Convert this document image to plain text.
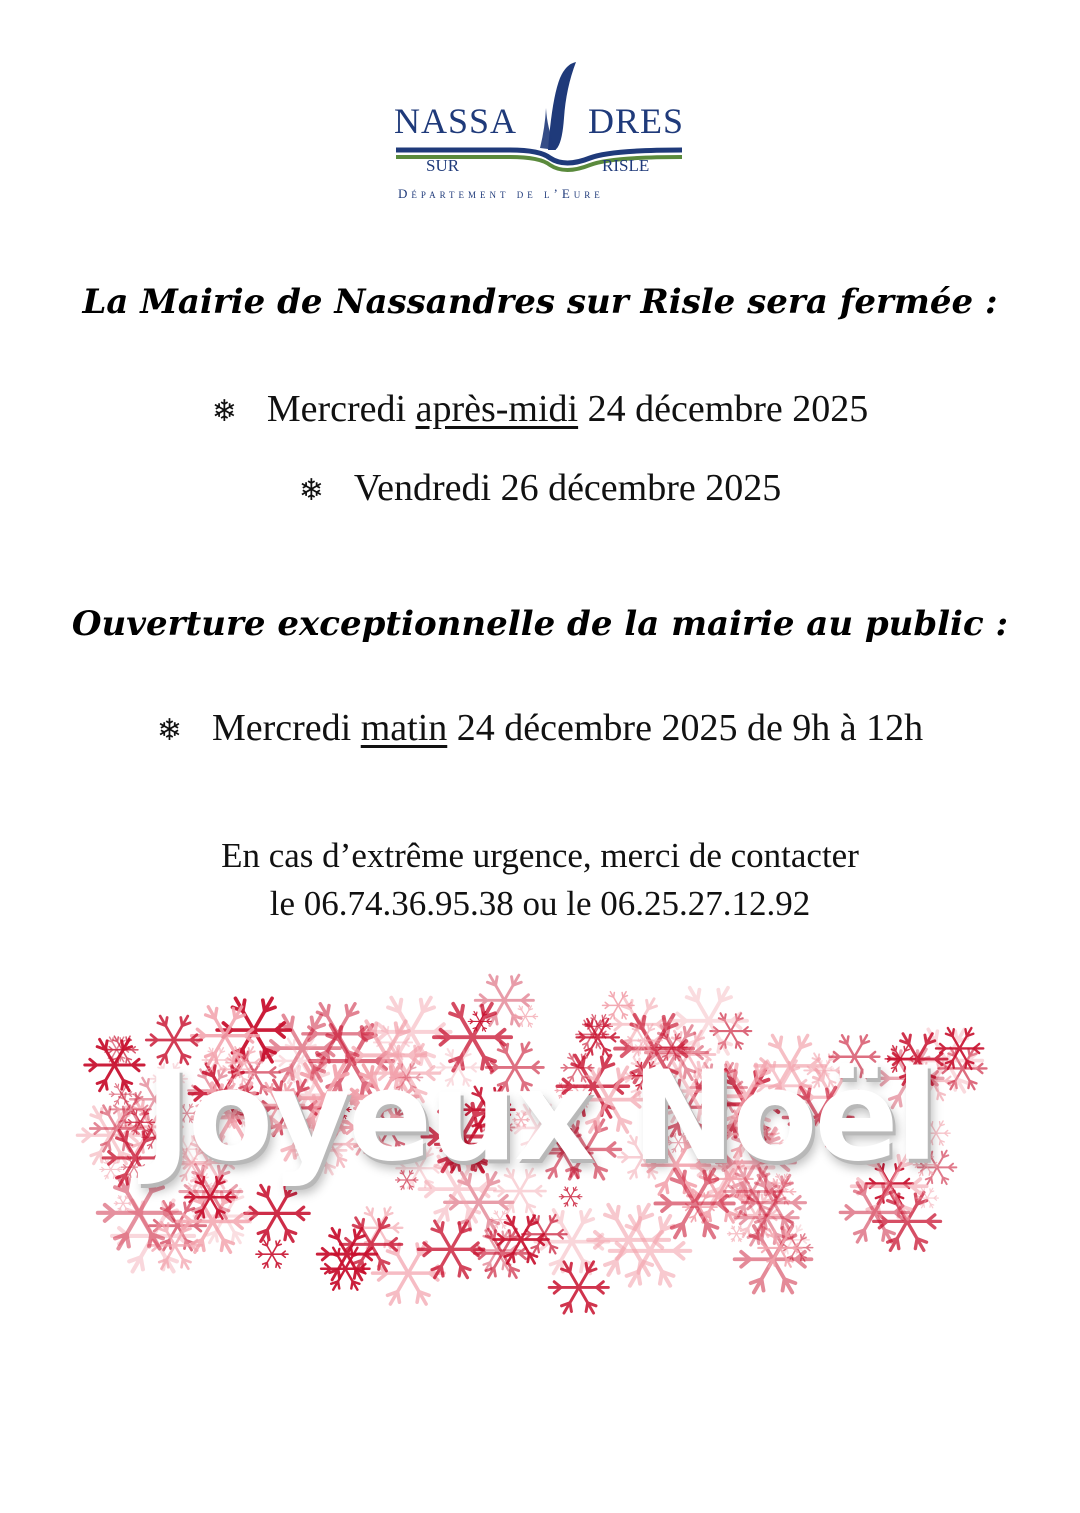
NASSA DRES
SUR	RISLE
Département de l’Eure
La Mairie de Nassandres sur Risle sera fermée :
❄ Mercredi après-midi 24 décembre 2025
❄ Vendredi 26 décembre 2025
Ouverture exceptionnelle de la mairie au public :
❄ Mercredi matin 24 décembre 2025 de 9h à 12h
En cas d’extrême urgence, merci de contacter
le 06.74.36.95.38 ou le 06.25.27.12.92
Joyeux Noël
